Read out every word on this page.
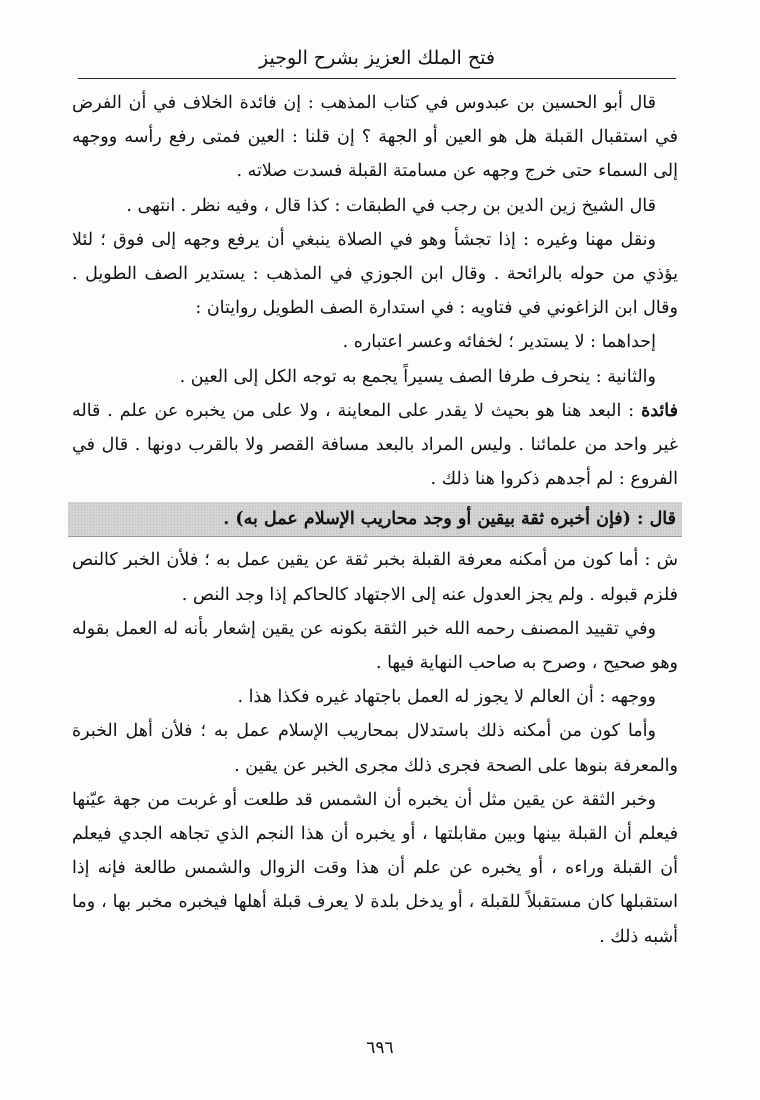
فتح الملك العزيز بشرح الوجيز

قال أبو الحسين بن عبدوس في كتاب المذهب : إن فائدة الخلاف في أن الفرض في استقبال القبلة هل هو العين أو الجهة ؟ إن قلنا : العين فمتى رفع رأسه ووجهه إلى السماء حتى خرج وجهه عن مسامتة القبلة فسدت صلاته .

قال الشيخ زين الدين بن رجب في الطبقات : كذا قال ، وفيه نظر . انتهى .

ونقل مهنا وغيره : إذا تجشأ وهو في الصلاة ينبغي أن يرفع وجهه إلى فوق ؛ لئلا يؤذي من حوله بالرائحة . وقال ابن الجوزي في المذهب : يستدير الصف الطويل . وقال ابن الزاغوني في فتاويه : في استدارة الصف الطويل روايتان :

إحداهما : لا يستدير ؛ لخفائه وعسر اعتباره .

والثانية : ينحرف طرفا الصف يسيراً يجمع به توجه الكل إلى العين .

فائدة : البعد هنا هو بحيث لا يقدر على المعاينة ، ولا على من يخبره عن علم . قاله غير واحد من علمائنا . وليس المراد بالبعد مسافة القصر ولا بالقرب دونها . قال في الفروع : لم أجدهم ذكروا هنا ذلك .

قال : (فإن أخبره ثقة بيقين أو وجد محاريب الإسلام عمل به) .

ش : أما كون من أمكنه معرفة القبلة بخبر ثقة عن يقين عمل به ؛ فلأن الخبر كالنص فلزم قبوله . ولم يجز العدول عنه إلى الاجتهاد كالحاكم إذا وجد النص .

وفي تقييد المصنف رحمه الله خبر الثقة بكونه عن يقين إشعار بأنه له العمل بقوله وهو صحيح ، وصرح به صاحب النهاية فيها .

ووجهه : أن العالم لا يجوز له العمل باجتهاد غيره فكذا هذا .

وأما كون من أمكنه ذلك باستدلال بمحاريب الإسلام عمل به ؛ فلأن أهل الخبرة والمعرفة بنوها على الصحة فجرى ذلك مجرى الخبر عن يقين .

وخبر الثقة عن يقين مثل أن يخبره أن الشمس قد طلعت أو غربت من جهة عيّنها فيعلم أن القبلة بينها وبين مقابلتها ، أو يخبره أن هذا النجم الذي تجاهه الجدي فيعلم أن القبلة وراءه ، أو يخبره عن علم أن هذا وقت الزوال والشمس طالعة فإنه إذا استقبلها كان مستقبلاً للقبلة ، أو يدخل بلدة لا يعرف قبلة أهلها فيخبره مخبر بها ، وما أشبه ذلك .

٦٩٦
